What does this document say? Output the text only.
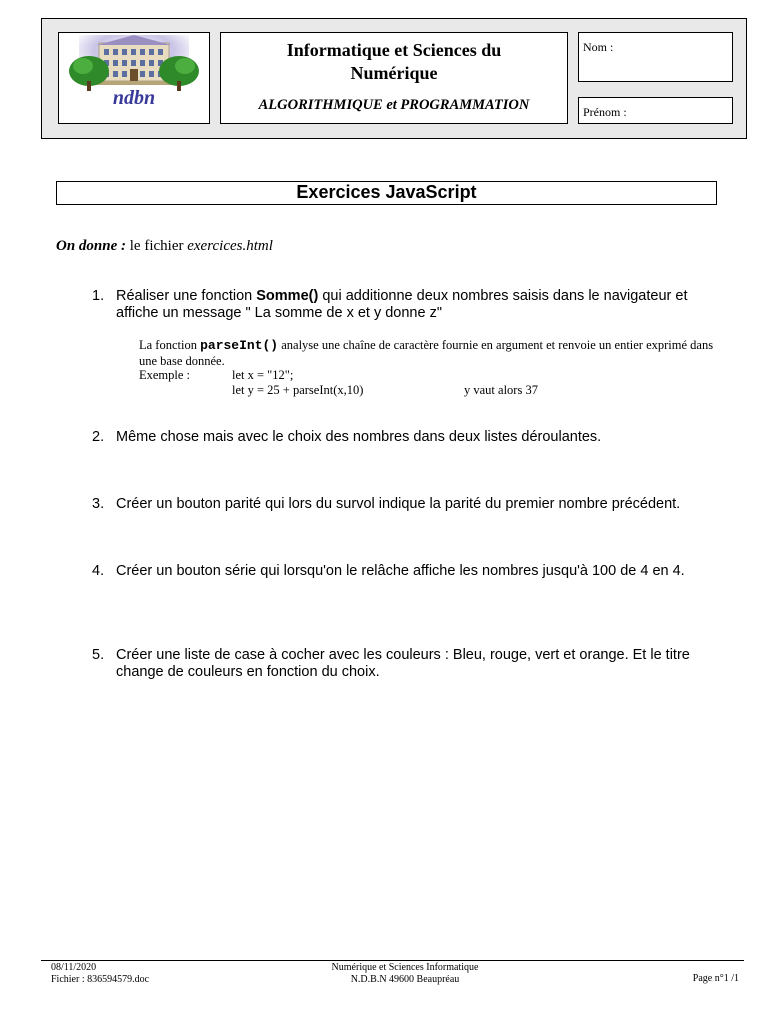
ndbn
Informatique et Sciences du Numérique
ALGORITHMIQUE et PROGRAMMATION
Nom :
Prénom :
Exercices JavaScript
On donne : le fichier exercices.html
1. Réaliser une fonction Somme() qui additionne deux nombres saisis dans le navigateur et affiche un message " La somme de x et y donne z"
La fonction parseInt() analyse une chaîne de caractère fournie en argument et renvoie un entier exprimé dans une base donnée.
Exemple :	let x = "12";
let y = 25 + parseInt(x,10)	y vaut alors 37
2. Même chose mais avec le choix des nombres dans deux listes déroulantes.
3. Créer un bouton parité qui lors du survol indique la parité du premier nombre précédent.
4. Créer un bouton série qui lorsqu'on le relâche affiche les nombres jusqu'à 100 de 4 en 4.
5. Créer une liste de case à cocher avec les couleurs : Bleu, rouge, vert et orange. Et le titre change de couleurs en fonction du choix.
08/11/2020
Fichier : 836594579.doc
Numérique et Sciences Informatique
N.D.B.N 49600 Beaupréau	Page n°1 /1
